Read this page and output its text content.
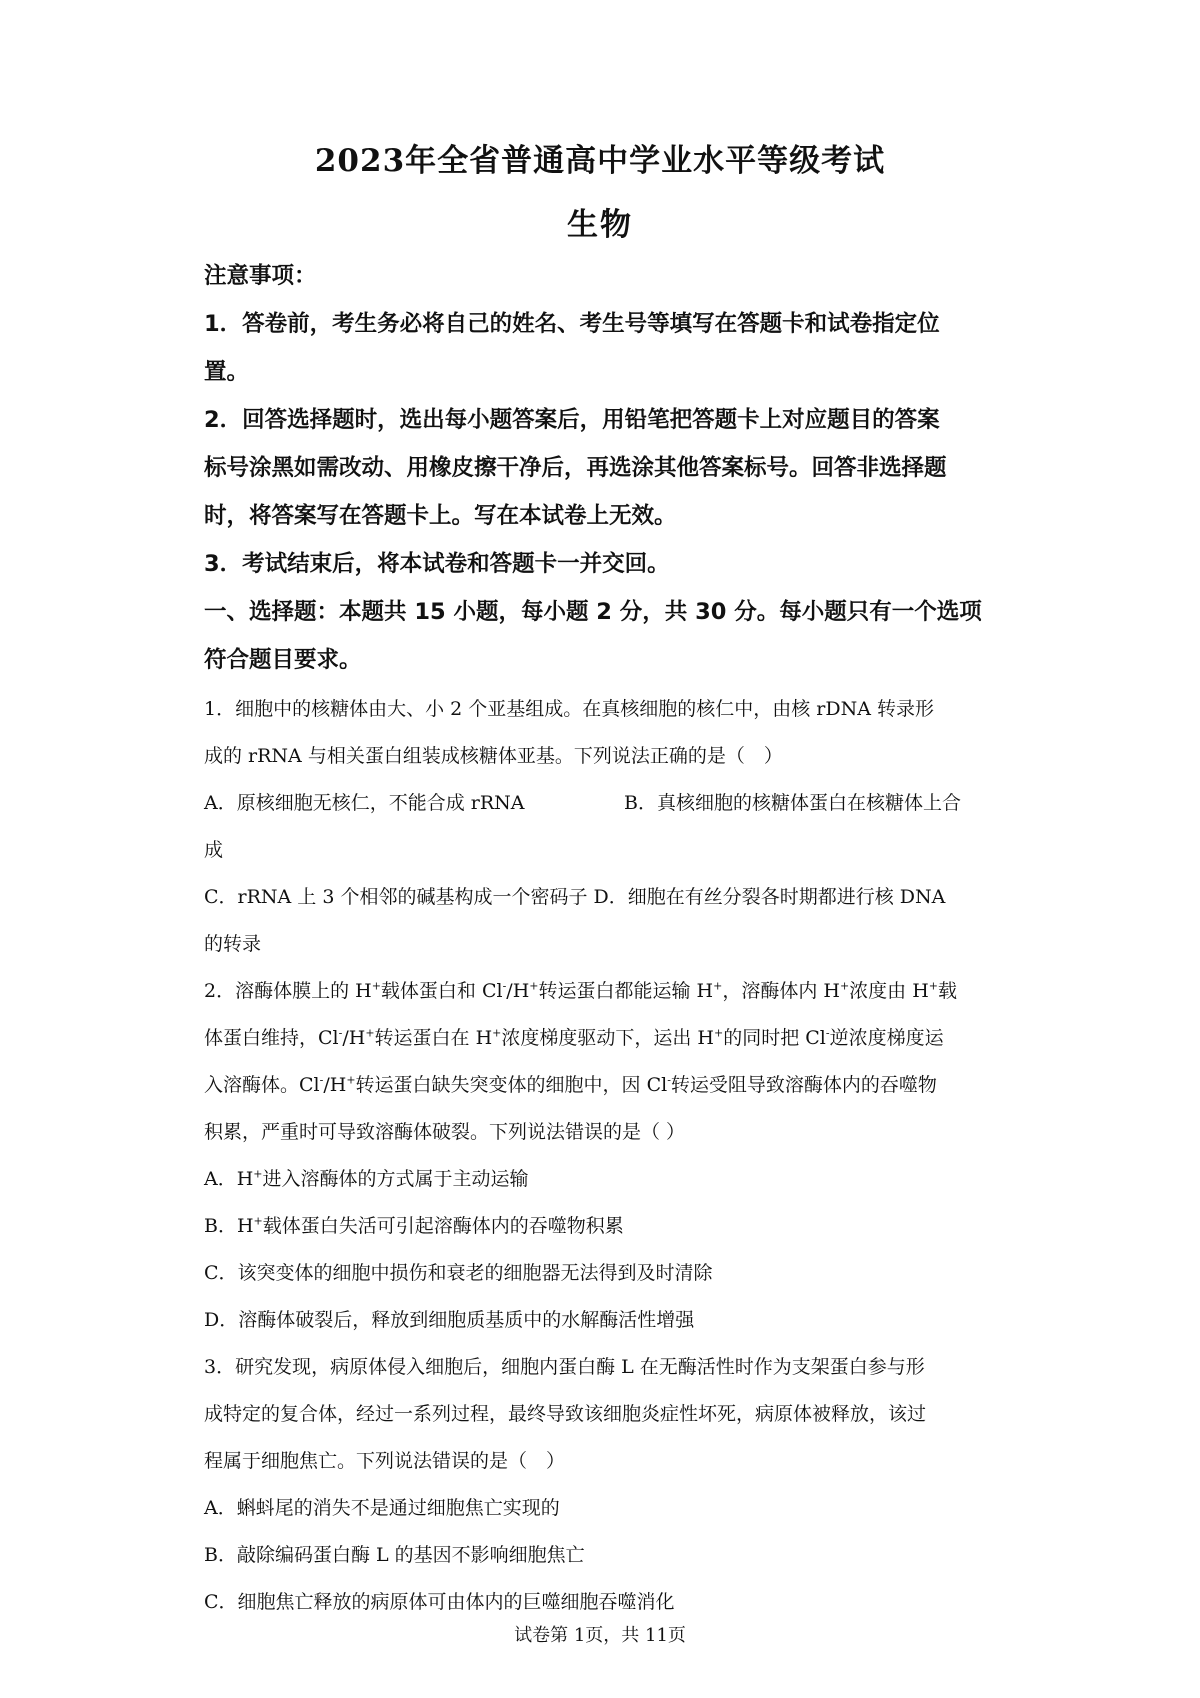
2023年全省普通高中学业水平等级考试
生物
注意事项：
1．答卷前，考生务必将自己的姓名、考生号等填写在答题卡和试卷指定位
置。
2．回答选择题时，选出每小题答案后，用铅笔把答题卡上对应题目的答案
标号涂黑如需改动、用橡皮擦干净后，再选涂其他答案标号。回答非选择题
时，将答案写在答题卡上。写在本试卷上无效。
3．考试结束后，将本试卷和答题卡一并交回。
一、选择题：本题共 15 小题，每小题 2 分，共 30 分。每小题只有一个选项
符合题目要求。
1．细胞中的核糖体由大、小 2 个亚基组成。在真核细胞的核仁中，由核 rDNA 转录形
成的 rRNA 与相关蛋白组装成核糖体亚基。下列说法正确的是（　）
A．原核细胞无核仁，不能合成 rRNA	B．真核细胞的核糖体蛋白在核糖体上合
成
C．rRNA 上 3 个相邻的碱基构成一个密码子 D．细胞在有丝分裂各时期都进行核 DNA
的转录
2．溶酶体膜上的 H+载体蛋白和 Cl-/H+转运蛋白都能运输 H+，溶酶体内 H+浓度由 H+载
体蛋白维持，Cl-/H+转运蛋白在 H+浓度梯度驱动下，运出 H+的同时把 Cl-逆浓度梯度运
入溶酶体。Cl-/H+转运蛋白缺失突变体的细胞中，因 Cl-转运受阻导致溶酶体内的吞噬物
积累，严重时可导致溶酶体破裂。下列说法错误的是（ ）
A．H+进入溶酶体的方式属于主动运输
B．H+载体蛋白失活可引起溶酶体内的吞噬物积累
C．该突变体的细胞中损伤和衰老的细胞器无法得到及时清除
D．溶酶体破裂后，释放到细胞质基质中的水解酶活性增强
3．研究发现，病原体侵入细胞后，细胞内蛋白酶 L 在无酶活性时作为支架蛋白参与形
成特定的复合体，经过一系列过程，最终导致该细胞炎症性坏死，病原体被释放，该过
程属于细胞焦亡。下列说法错误的是（　）
A．蝌蚪尾的消失不是通过细胞焦亡实现的
B．敲除编码蛋白酶 L 的基因不影响细胞焦亡
C．细胞焦亡释放的病原体可由体内的巨噬细胞吞噬消化
试卷第 1页，共 11页
